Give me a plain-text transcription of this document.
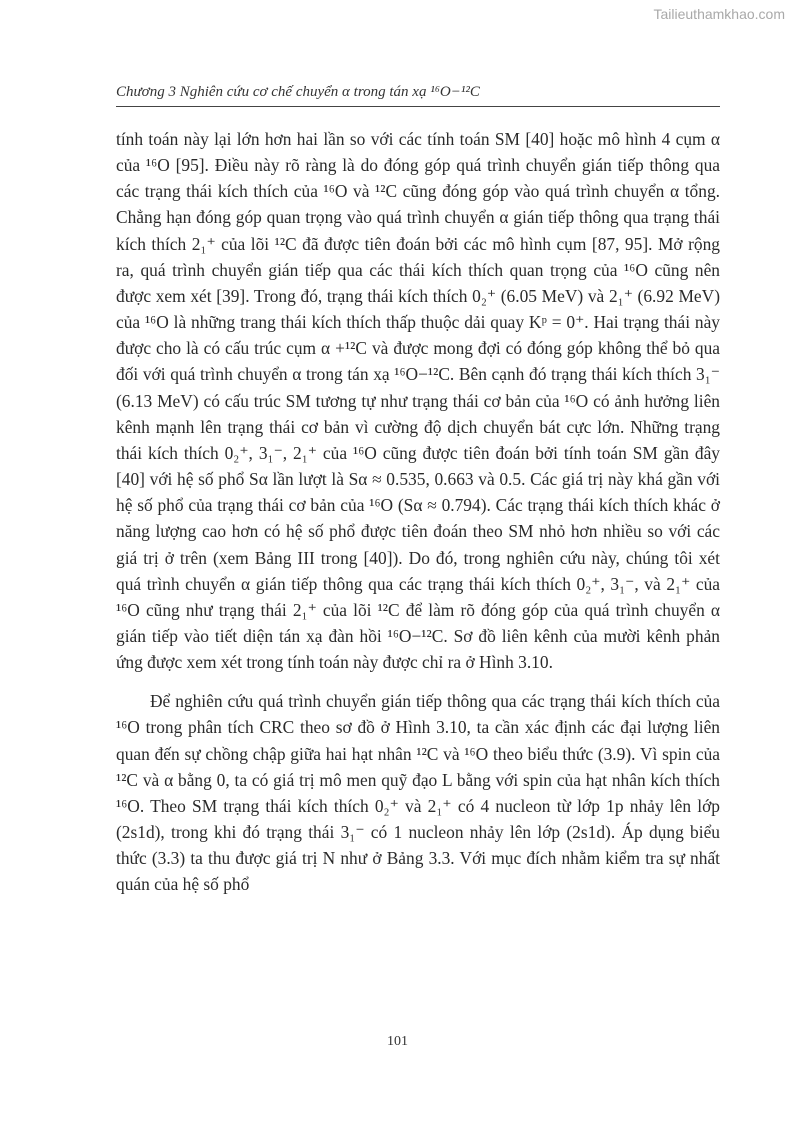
Tailieuthamkhao.com
Chương 3 Nghiên cứu cơ chế chuyển α trong tán xạ ¹⁶O−¹²C

tính toán này lại lớn hơn hai lần so với các tính toán SM [40] hoặc mô hình 4 cụm α của ¹⁶O [95]. Điều này rõ ràng là do đóng góp quá trình chuyển gián tiếp thông qua các trạng thái kích thích của ¹⁶O và ¹²C cũng đóng góp vào quá trình chuyển α tổng. Chẳng hạn đóng góp quan trọng vào quá trình chuyển α gián tiếp thông qua trạng thái kích thích 2₁⁺ của lõi ¹²C đã được tiên đoán bởi các mô hình cụm [87, 95]. Mở rộng ra, quá trình chuyển gián tiếp qua các thái kích thích quan trọng của ¹⁶O cũng nên được xem xét [39]. Trong đó, trạng thái kích thích 0₂⁺ (6.05 MeV) và 2₁⁺ (6.92 MeV) của ¹⁶O là những trang thái kích thích thấp thuộc dải quay Kᵖ = 0⁺. Hai trạng thái này được cho là có cấu trúc cụm α +¹²C và được mong đợi có đóng góp không thể bỏ qua đối với quá trình chuyển α trong tán xạ ¹⁶O−¹²C. Bên cạnh đó trạng thái kích thích 3₁⁻ (6.13 MeV) có cấu trúc SM tương tự như trạng thái cơ bản của ¹⁶O có ảnh hưởng liên kênh mạnh lên trạng thái cơ bản vì cường độ dịch chuyển bát cực lớn. Những trạng thái kích thích 0₂⁺, 3₁⁻, 2₁⁺ của ¹⁶O cũng được tiên đoán bởi tính toán SM gần đây [40] với hệ số phổ Sα lần lượt là Sα ≈ 0.535, 0.663 và 0.5. Các giá trị này khá gần với hệ số phổ của trạng thái cơ bản của ¹⁶O (Sα ≈ 0.794). Các trạng thái kích thích khác ở năng lượng cao hơn có hệ số phổ được tiên đoán theo SM nhỏ hơn nhiều so với các giá trị ở trên (xem Bảng III trong [40]). Do đó, trong nghiên cứu này, chúng tôi xét quá trình chuyển α gián tiếp thông qua các trạng thái kích thích 0₂⁺, 3₁⁻, và 2₁⁺ của ¹⁶O cũng như trạng thái 2₁⁺ của lõi ¹²C để làm rõ đóng góp của quá trình chuyển α gián tiếp vào tiết diện tán xạ đàn hồi ¹⁶O−¹²C. Sơ đồ liên kênh của mười kênh phản ứng được xem xét trong tính toán này được chỉ ra ở Hình 3.10.

Để nghiên cứu quá trình chuyển gián tiếp thông qua các trạng thái kích thích của ¹⁶O trong phân tích CRC theo sơ đồ ở Hình 3.10, ta cần xác định các đại lượng liên quan đến sự chồng chập giữa hai hạt nhân ¹²C và ¹⁶O theo biểu thức (3.9). Vì spin của ¹²C và α bằng 0, ta có giá trị mô men quỹ đạo L bằng với spin của hạt nhân kích thích ¹⁶O. Theo SM trạng thái kích thích 0₂⁺ và 2₁⁺ có 4 nucleon từ lớp 1p nhảy lên lớp (2s1d), trong khi đó trạng thái 3₁⁻ có 1 nucleon nhảy lên lớp (2s1d). Áp dụng biểu thức (3.3) ta thu được giá trị N như ở Bảng 3.3. Với mục đích nhằm kiểm tra sự nhất quán của hệ số phổ

101
